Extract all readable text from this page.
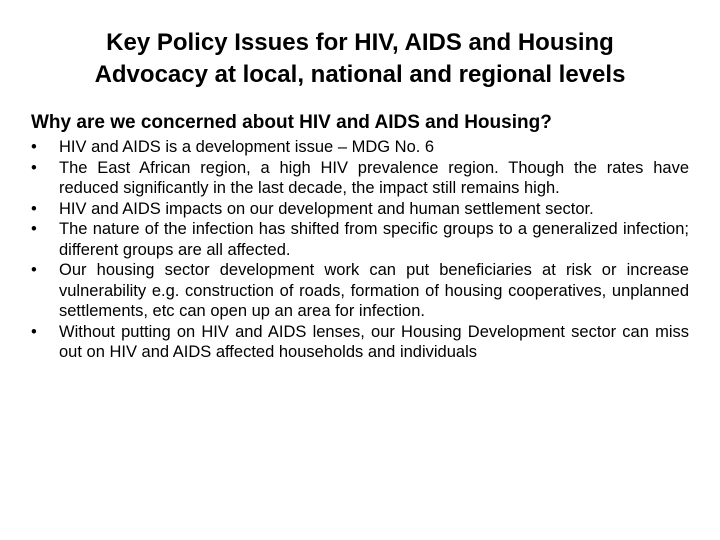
Key Policy Issues for HIV, AIDS and Housing
Advocacy at local, national and regional levels
Why are we concerned about HIV and AIDS and Housing?
•	HIV and AIDS is a development issue – MDG No. 6
•	The East African region, a high HIV prevalence region. Though the rates have reduced significantly in the last decade, the impact still remains high.
•	HIV and AIDS impacts on our development and human settlement sector.
•	The nature of the infection has shifted from specific groups to a generalized infection; different groups are all affected.
•	Our housing sector development work can put beneficiaries at risk or increase vulnerability e.g. construction of roads, formation of housing cooperatives, unplanned settlements, etc can open up an area for infection.
•	Without putting on HIV and AIDS lenses, our Housing Development sector can miss out on HIV and AIDS affected households and individuals
